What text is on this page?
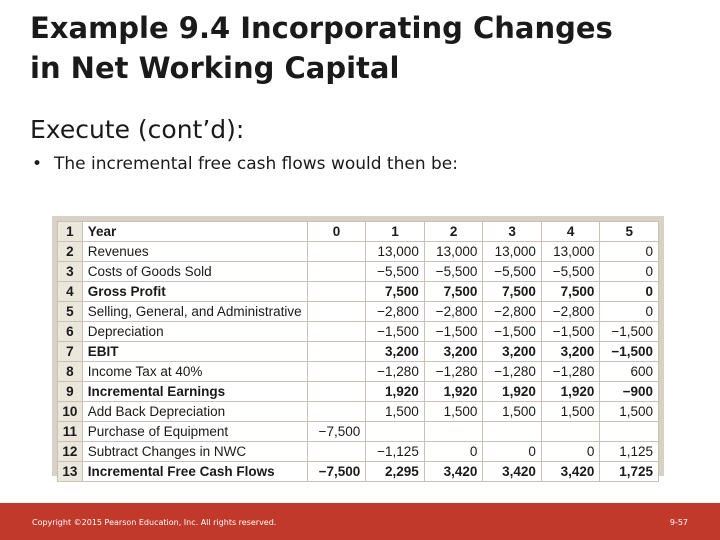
Example 9.4 Incorporating Changes
in Net Working Capital
Execute (cont’d):
• The incremental free cash flows would then be:
1	Year	0	1	2	3	4	5
2	Revenues		13,000	13,000	13,000	13,000	0
3	Costs of Goods Sold		−5,500	−5,500	−5,500	−5,500	0
4	Gross Profit		7,500	7,500	7,500	7,500	0
5	Selling, General, and Administrative		−2,800	−2,800	−2,800	−2,800	0
6	Depreciation		−1,500	−1,500	−1,500	−1,500	−1,500
7	EBIT		3,200	3,200	3,200	3,200	−1,500
8	Income Tax at 40%		−1,280	−1,280	−1,280	−1,280	600
9	Incremental Earnings		1,920	1,920	1,920	1,920	−900
10	Add Back Depreciation		1,500	1,500	1,500	1,500	1,500
11	Purchase of Equipment	−7,500					
12	Subtract Changes in NWC		−1,125	0	0	0	1,125
13	Incremental Free Cash Flows	−7,500	2,295	3,420	3,420	3,420	1,725
Copyright ©2015 Pearson Education, Inc. All rights reserved.	9-57
